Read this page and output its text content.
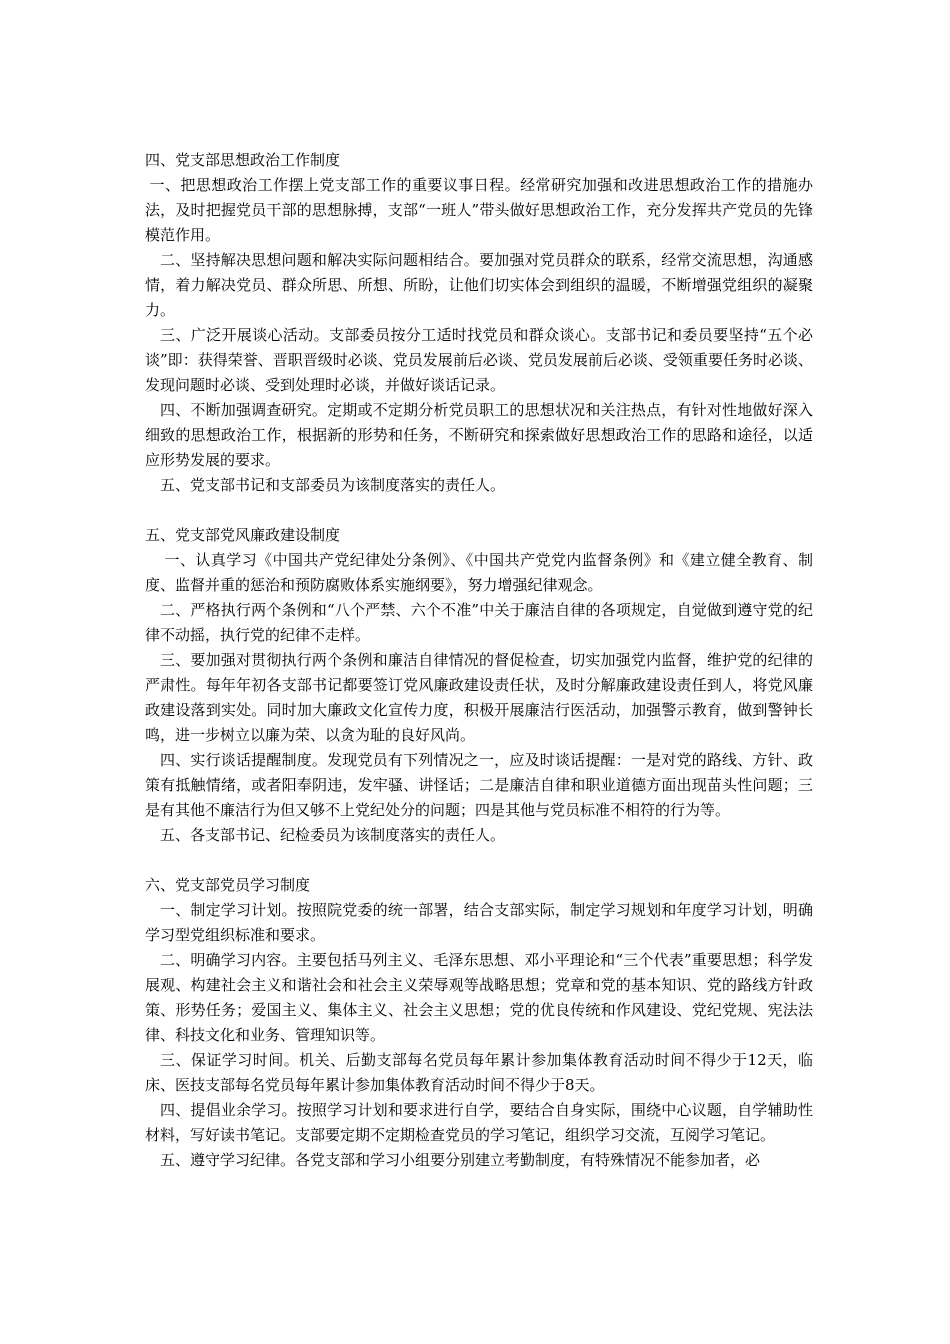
四、党支部思想政治工作制度

一、把思想政治工作摆上党支部工作的重要议事日程。经常研究加强和改进思想政治工作的措施办法，及时把握党员干部的思想脉搏，支部“一班人”带头做好思想政治工作，充分发挥共产党员的先锋模范作用。

二、坚持解决思想问题和解决实际问题相结合。要加强对党员群众的联系，经常交流思想，沟通感情，着力解决党员、群众所思、所想、所盼，让他们切实体会到组织的温暖，不断增强党组织的凝聚力。

三、广泛开展谈心活动。支部委员按分工适时找党员和群众谈心。支部书记和委员要坚持“五个必谈”即：获得荣誉、晋职晋级时必谈、党员发展前后必谈、党员发展前后必谈、受领重要任务时必谈、发现问题时必谈、受到处理时必谈，并做好谈话记录。

四、不断加强调查研究。定期或不定期分析党员职工的思想状况和关注热点，有针对性地做好深入细致的思想政治工作，根据新的形势和任务，不断研究和探索做好思想政治工作的思路和途径，以适应形势发展的要求。

五、党支部书记和支部委员为该制度落实的责任人。

五、党支部党风廉政建设制度

一、认真学习《中国共产党纪律处分条例》、《中国共产党党内监督条例》和《建立健全教育、制度、监督并重的惩治和预防腐败体系实施纲要》，努力增强纪律观念。

二、严格执行两个条例和“八个严禁、六个不准”中关于廉洁自律的各项规定，自觉做到遵守党的纪律不动摇，执行党的纪律不走样。

三、要加强对贯彻执行两个条例和廉洁自律情况的督促检查，切实加强党内监督，维护党的纪律的严肃性。每年年初各支部书记都要签订党风廉政建设责任状，及时分解廉政建设责任到人，将党风廉政建设落到实处。同时加大廉政文化宣传力度，积极开展廉洁行医活动，加强警示教育，做到警钟长鸣，进一步树立以廉为荣、以贪为耻的良好风尚。

四、实行谈话提醒制度。发现党员有下列情况之一，应及时谈话提醒：一是对党的路线、方针、政策有抵触情绪，或者阳奉阴违，发牢骚、讲怪话；二是廉洁自律和职业道德方面出现苗头性问题；三是有其他不廉洁行为但又够不上党纪处分的问题；四是其他与党员标准不相符的行为等。

五、各支部书记、纪检委员为该制度落实的责任人。

六、党支部党员学习制度

一、制定学习计划。按照院党委的统一部署，结合支部实际，制定学习规划和年度学习计划，明确学习型党组织标准和要求。

二、明确学习内容。主要包括马列主义、毛泽东思想、邓小平理论和“三个代表”重要思想；科学发展观、构建社会主义和谐社会和社会主义荣辱观等战略思想；党章和党的基本知识、党的路线方针政策、形势任务；爱国主义、集体主义、社会主义思想；党的优良传统和作风建设、党纪党规、宪法法律、科技文化和业务、管理知识等。

三、保证学习时间。机关、后勤支部每名党员每年累计参加集体教育活动时间不得少于12天，临床、医技支部每名党员每年累计参加集体教育活动时间不得少于8天。

四、提倡业余学习。按照学习计划和要求进行自学，要结合自身实际，围绕中心议题，自学辅助性材料，写好读书笔记。支部要定期不定期检查党员的学习笔记，组织学习交流，互阅学习笔记。

五、遵守学习纪律。各党支部和学习小组要分别建立考勤制度，有特殊情况不能参加者，必
